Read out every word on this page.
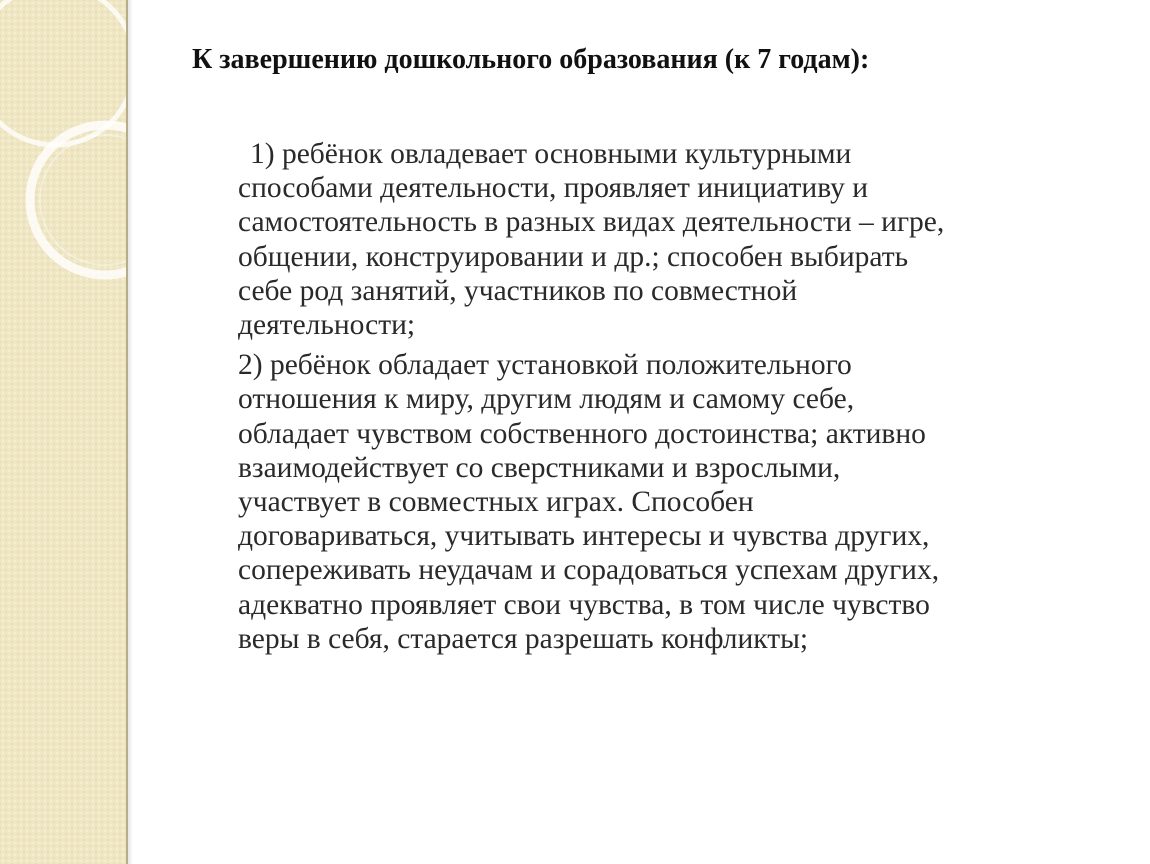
К завершению дошкольного образования (к 7 годам):
1) ребёнок овладевает основными культурными
способами деятельности, проявляет инициативу и
самостоятельность в разных видах деятельности – игре,
общении, конструировании и др.; способен выбирать
себе род занятий, участников по совместной
деятельности;
2) ребёнок обладает установкой положительного
отношения к миру, другим людям и самому себе,
обладает чувством собственного достоинства; активно
взаимодействует со сверстниками и взрослыми,
участвует в совместных играх. Способен
договариваться, учитывать интересы и чувства других,
сопереживать неудачам и сорадоваться успехам других,
адекватно проявляет свои чувства, в том числе чувство
веры в себя, старается разрешать конфликты;
